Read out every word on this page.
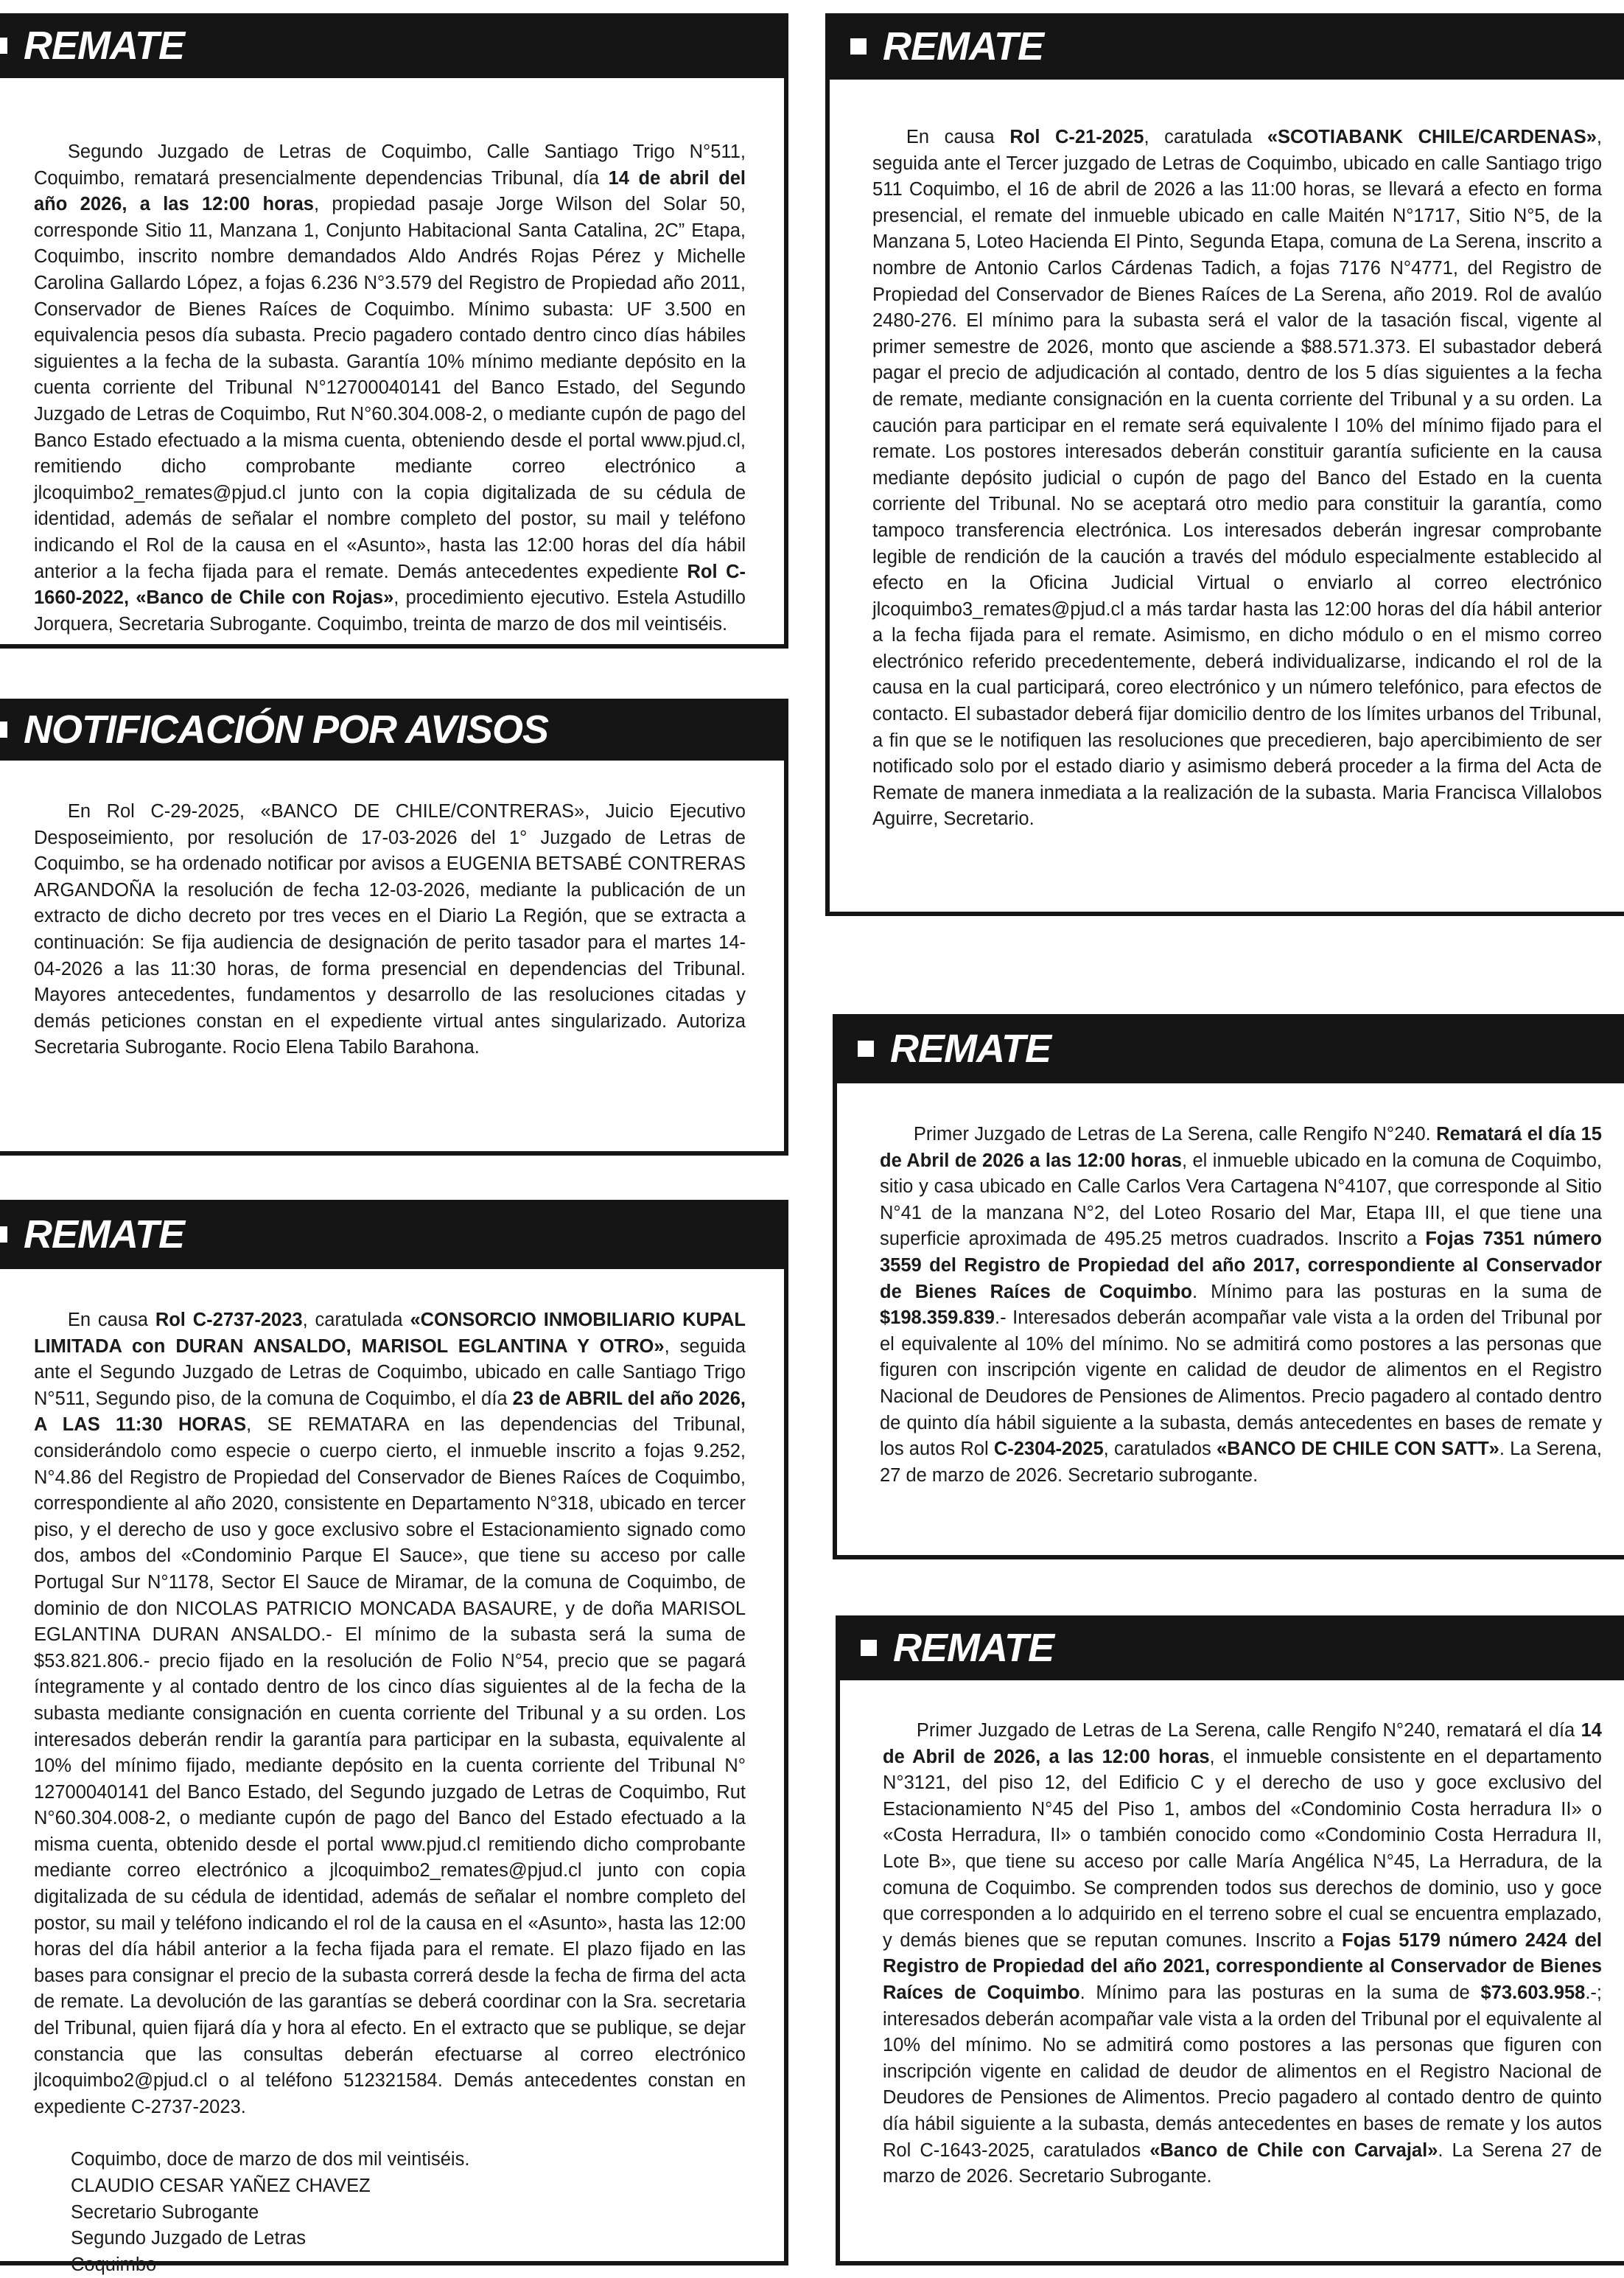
REMATE

Segundo Juzgado de Letras de Coquimbo, Calle Santiago Trigo N°511, Coquimbo, rematará presencialmente dependencias Tribunal, día 14 de abril del año 2026, a las 12:00 horas, propiedad pasaje Jorge Wilson del Solar 50, corresponde Sitio 11, Manzana 1, Conjunto Habitacional Santa Catalina, 2C” Etapa, Coquimbo, inscrito nombre demandados Aldo Andrés Rojas Pérez y Michelle Carolina Gallardo López, a fojas 6.236 N°3.579 del Registro de Propiedad año 2011, Conservador de Bienes Raíces de Coquimbo. Mínimo subasta: UF 3.500 en equivalencia pesos día subasta. Precio pagadero contado dentro cinco días hábiles siguientes a la fecha de la subasta. Garantía 10% mínimo mediante depósito en la cuenta corriente del Tribunal N°12700040141 del Banco Estado, del Segundo Juzgado de Letras de Coquimbo, Rut N°60.304.008-2, o mediante cupón de pago del Banco Estado efectuado a la misma cuenta, obteniendo desde el portal www.pjud.cl, remitiendo dicho comprobante mediante correo electrónico a jlcoquimbo2_remates@pjud.cl junto con la copia digitalizada de su cédula de identidad, además de señalar el nombre completo del postor, su mail y teléfono indicando el Rol de la causa en el «Asunto», hasta las 12:00 horas del día hábil anterior a la fecha fijada para el remate. Demás antecedentes expediente Rol C-1660-2022, «Banco de Chile con Rojas», procedimiento ejecutivo. Estela Astudillo Jorquera, Secretaria Subrogante. Coquimbo, treinta de marzo de dos mil veintiséis.

NOTIFICACIÓN POR AVISOS

En Rol C-29-2025, «BANCO DE CHILE/CONTRERAS», Juicio Ejecutivo Desposeimiento, por resolución de 17-03-2026 del 1° Juzgado de Letras de Coquimbo, se ha ordenado notificar por avisos a EUGENIA BETSABÉ CONTRERAS ARGANDOÑA la resolución de fecha 12-03-2026, mediante la publicación de un extracto de dicho decreto por tres veces en el Diario La Región, que se extracta a continuación: Se fija audiencia de designación de perito tasador para el martes 14-04-2026 a las 11:30 horas, de forma presencial en dependencias del Tribunal. Mayores antecedentes, fundamentos y desarrollo de las resoluciones citadas y demás peticiones constan en el expediente virtual antes singularizado. Autoriza Secretaria Subrogante. Rocio Elena Tabilo Barahona.

REMATE

En causa Rol C-2737-2023, caratulada «CONSORCIO INMOBILIARIO KUPAL LIMITADA con DURAN ANSALDO, MARISOL EGLANTINA Y OTRO», seguida ante el Segundo Juzgado de Letras de Coquimbo, ubicado en calle Santiago Trigo N°511, Segundo piso, de la comuna de Coquimbo, el día 23 de ABRIL del año 2026, A LAS 11:30 HORAS, SE REMATARA en las dependencias del Tribunal, considerándolo como especie o cuerpo cierto, el inmueble inscrito a fojas 9.252, N°4.86 del Registro de Propiedad del Conservador de Bienes Raíces de Coquimbo, correspondiente al año 2020, consistente en Departamento N°318, ubicado en tercer piso, y el derecho de uso y goce exclusivo sobre el Estacionamiento signado como dos, ambos del «Condominio Parque El Sauce», que tiene su acceso por calle Portugal Sur N°1178, Sector El Sauce de Miramar, de la comuna de Coquimbo, de dominio de don NICOLAS PATRICIO MONCADA BASAURE, y de doña MARISOL EGLANTINA DURAN ANSALDO.- El mínimo de la subasta será la suma de $53.821.806.- precio fijado en la resolución de Folio N°54, precio que se pagará íntegramente y al contado dentro de los cinco días siguientes al de la fecha de la subasta mediante consignación en cuenta corriente del Tribunal y a su orden. Los interesados deberán rendir la garantía para participar en la subasta, equivalente al 10% del mínimo fijado, mediante depósito en la cuenta corriente del Tribunal N° 12700040141 del Banco Estado, del Segundo juzgado de Letras de Coquimbo, Rut N°60.304.008-2, o mediante cupón de pago del Banco del Estado efectuado a la misma cuenta, obtenido desde el portal www.pjud.cl remitiendo dicho comprobante mediante correo electrónico a jlcoquimbo2_remates@pjud.cl junto con copia digitalizada de su cédula de identidad, además de señalar el nombre completo del postor, su mail y teléfono indicando el rol de la causa en el «Asunto», hasta las 12:00 horas del día hábil anterior a la fecha fijada para el remate. El plazo fijado en las bases para consignar el precio de la subasta correrá desde la fecha de firma del acta de remate. La devolución de las garantías se deberá coordinar con la Sra. secretaria del Tribunal, quien fijará día y hora al efecto. En el extracto que se publique, se dejar constancia que las consultas deberán efectuarse al correo electrónico jlcoquimbo2@pjud.cl o al teléfono 512321584. Demás antecedentes constan en expediente C-2737-2023.

Coquimbo, doce de marzo de dos mil veintiséis.
CLAUDIO CESAR YAÑEZ CHAVEZ
Secretario Subrogante
Segundo Juzgado de Letras
Coquimbo
REMATE

En causa Rol C-21-2025, caratulada «SCOTIABANK CHILE/CARDENAS», seguida ante el Tercer juzgado de Letras de Coquimbo, ubicado en calle Santiago trigo 511 Coquimbo, el 16 de abril de 2026 a las 11:00 horas, se llevará a efecto en forma presencial, el remate del inmueble ubicado en calle Maitén N°1717, Sitio N°5, de la Manzana 5, Loteo Hacienda El Pinto, Segunda Etapa, comuna de La Serena, inscrito a nombre de Antonio Carlos Cárdenas Tadich, a fojas 7176 N°4771, del Registro de Propiedad del Conservador de Bienes Raíces de La Serena, año 2019. Rol de avalúo 2480-276. El mínimo para la subasta será el valor de la tasación fiscal, vigente al primer semestre de 2026, monto que asciende a $88.571.373. El subastador deberá pagar el precio de adjudicación al contado, dentro de los 5 días siguientes a la fecha de remate, mediante consignación en la cuenta corriente del Tribunal y a su orden. La caución para participar en el remate será equivalente l 10% del mínimo fijado para el remate. Los postores interesados deberán constituir garantía suficiente en la causa mediante depósito judicial o cupón de pago del Banco del Estado en la cuenta corriente del Tribunal. No se aceptará otro medio para constituir la garantía, como tampoco transferencia electrónica. Los interesados deberán ingresar comprobante legible de rendición de la caución a través del módulo especialmente establecido al efecto en la Oficina Judicial Virtual o enviarlo al correo electrónico jlcoquimbo3_remates@pjud.cl a más tardar hasta las 12:00 horas del día hábil anterior a la fecha fijada para el remate. Asimismo, en dicho módulo o en el mismo correo electrónico referido precedentemente, deberá individualizarse, indicando el rol de la causa en la cual participará, coreo electrónico y un número telefónico, para efectos de contacto. El subastador deberá fijar domicilio dentro de los límites urbanos del Tribunal, a fin que se le notifiquen las resoluciones que precedieren, bajo apercibimiento de ser notificado solo por el estado diario y asimismo deberá proceder a la firma del Acta de Remate de manera inmediata a la realización de la subasta. Maria Francisca Villalobos Aguirre, Secretario.

REMATE

Primer Juzgado de Letras de La Serena, calle Rengifo N°240. Rematará el día 15 de Abril de 2026 a las 12:00 horas, el inmueble ubicado en la comuna de Coquimbo, sitio y casa ubicado en Calle Carlos Vera Cartagena N°4107, que corresponde al Sitio N°41 de la manzana N°2, del Loteo Rosario del Mar, Etapa III, el que tiene una superficie aproximada de 495.25 metros cuadrados. Inscrito a Fojas 7351 número 3559 del Registro de Propiedad del año 2017, correspondiente al Conservador de Bienes Raíces de Coquimbo. Mínimo para las posturas en la suma de $198.359.839.- Interesados deberán acompañar vale vista a la orden del Tribunal por el equivalente al 10% del mínimo. No se admitirá como postores a las personas que figuren con inscripción vigente en calidad de deudor de alimentos en el Registro Nacional de Deudores de Pensiones de Alimentos. Precio pagadero al contado dentro de quinto día hábil siguiente a la subasta, demás antecedentes en bases de remate y los autos Rol C-2304-2025, caratulados «BANCO DE CHILE CON SATT». La Serena, 27 de marzo de 2026. Secretario subrogante.

REMATE

Primer Juzgado de Letras de La Serena, calle Rengifo N°240, rematará el día 14 de Abril de 2026, a las 12:00 horas, el inmueble consistente en el departamento N°3121, del piso 12, del Edificio C y el derecho de uso y goce exclusivo del Estacionamiento N°45 del Piso 1, ambos del «Condominio Costa herradura II» o «Costa Herradura, II» o también conocido como «Condominio Costa Herradura II, Lote B», que tiene su acceso por calle María Angélica N°45, La Herradura, de la comuna de Coquimbo. Se comprenden todos sus derechos de dominio, uso y goce que corresponden a lo adquirido en el terreno sobre el cual se encuentra emplazado, y demás bienes que se reputan comunes. Inscrito a Fojas 5179 número 2424 del Registro de Propiedad del año 2021, correspondiente al Conservador de Bienes Raíces de Coquimbo. Mínimo para las posturas en la suma de $73.603.958.-; interesados deberán acompañar vale vista a la orden del Tribunal por el equivalente al 10% del mínimo. No se admitirá como postores a las personas que figuren con inscripción vigente en calidad de deudor de alimentos en el Registro Nacional de Deudores de Pensiones de Alimentos. Precio pagadero al contado dentro de quinto día hábil siguiente a la subasta, demás antecedentes en bases de remate y los autos Rol C-1643-2025, caratulados «Banco de Chile con Carvajal». La Serena 27 de marzo de 2026. Secretario Subrogante.
